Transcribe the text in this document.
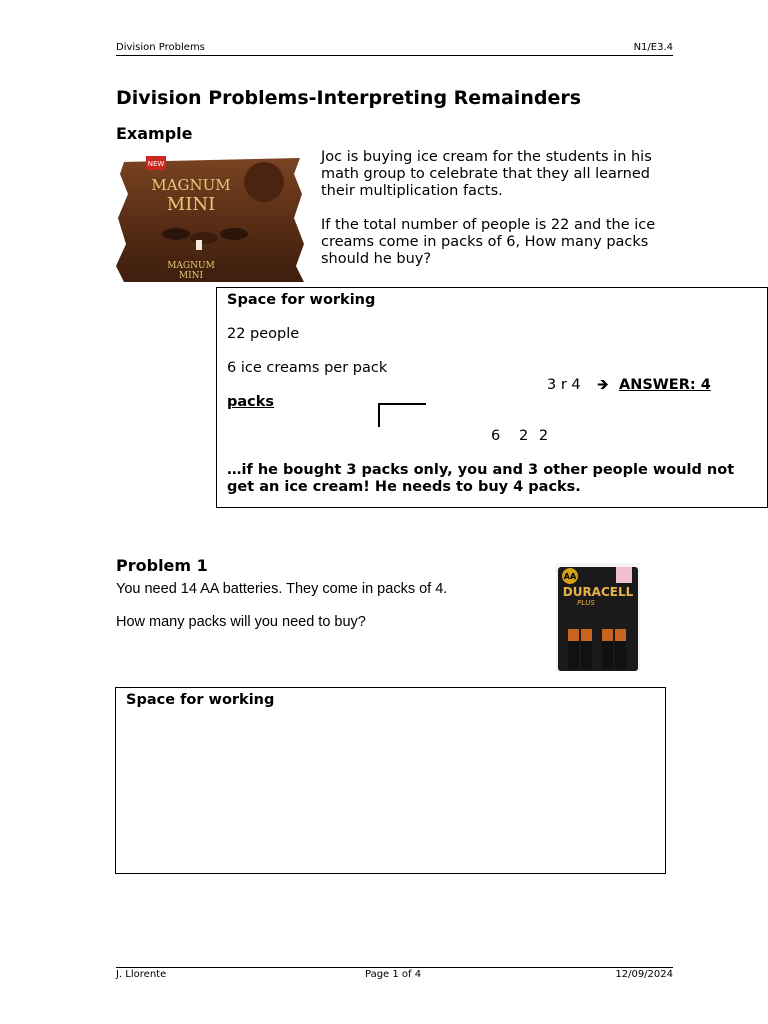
Division Problems	N1/E3.4
Division Problems-Interpreting Remainders
Example
NEW
MAGNUM
MINI
MAGNUM
MINI
Joc is buying ice cream for the students in his math group to celebrate that they all learned their multiplication facts.
If the total number of people is 22 and the ice creams come in packs of 6, How many packs should he buy?
Space for working
22 people
6 ice creams per pack
3 r 4 🡺 ANSWER: 4
packs
6 2 2
…if he bought 3 packs only, you and 3 other people would not get an ice cream! He needs to buy 4 packs.
Problem 1
You need 14 AA batteries. They come in packs of 4.
How many packs will you need to buy?
AA
DURACELL
PLUS
Space for working
J. Llorente	Page 1 of 4	12/09/2024
